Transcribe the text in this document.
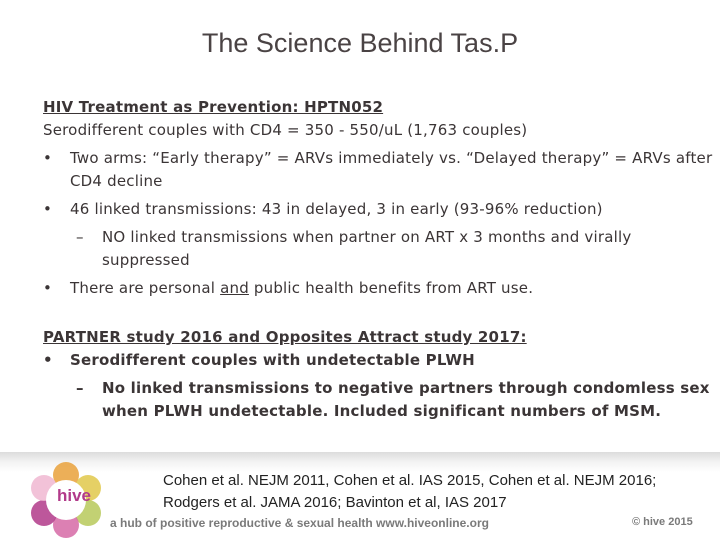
The Science Behind Tas.P
HIV Treatment as Prevention: HPTN052
Serodifferent couples with CD4 = 350 - 550/uL (1,763 couples)
• Two arms: “Early therapy” = ARVs immediately vs. “Delayed therapy” = ARVs after CD4 decline
• 46 linked transmissions: 43 in delayed, 3 in early (93-96% reduction)
– NO linked transmissions when partner on ART x 3 months and virally suppressed
• There are personal and public health benefits from ART use.
PARTNER study 2016 and Opposites Attract study 2017:
• Serodifferent couples with undetectable PLWH
– No linked transmissions to negative partners through condomless sex when PLWH undetectable. Included significant numbers of MSM.
hive
Cohen et al. NEJM 2011, Cohen et al. IAS 2015, Cohen et al. NEJM 2016;
Rodgers et al. JAMA 2016; Bavinton et al, IAS 2017
a hub of positive reproductive & sexual health www.hiveonline.org	© hive 2015
